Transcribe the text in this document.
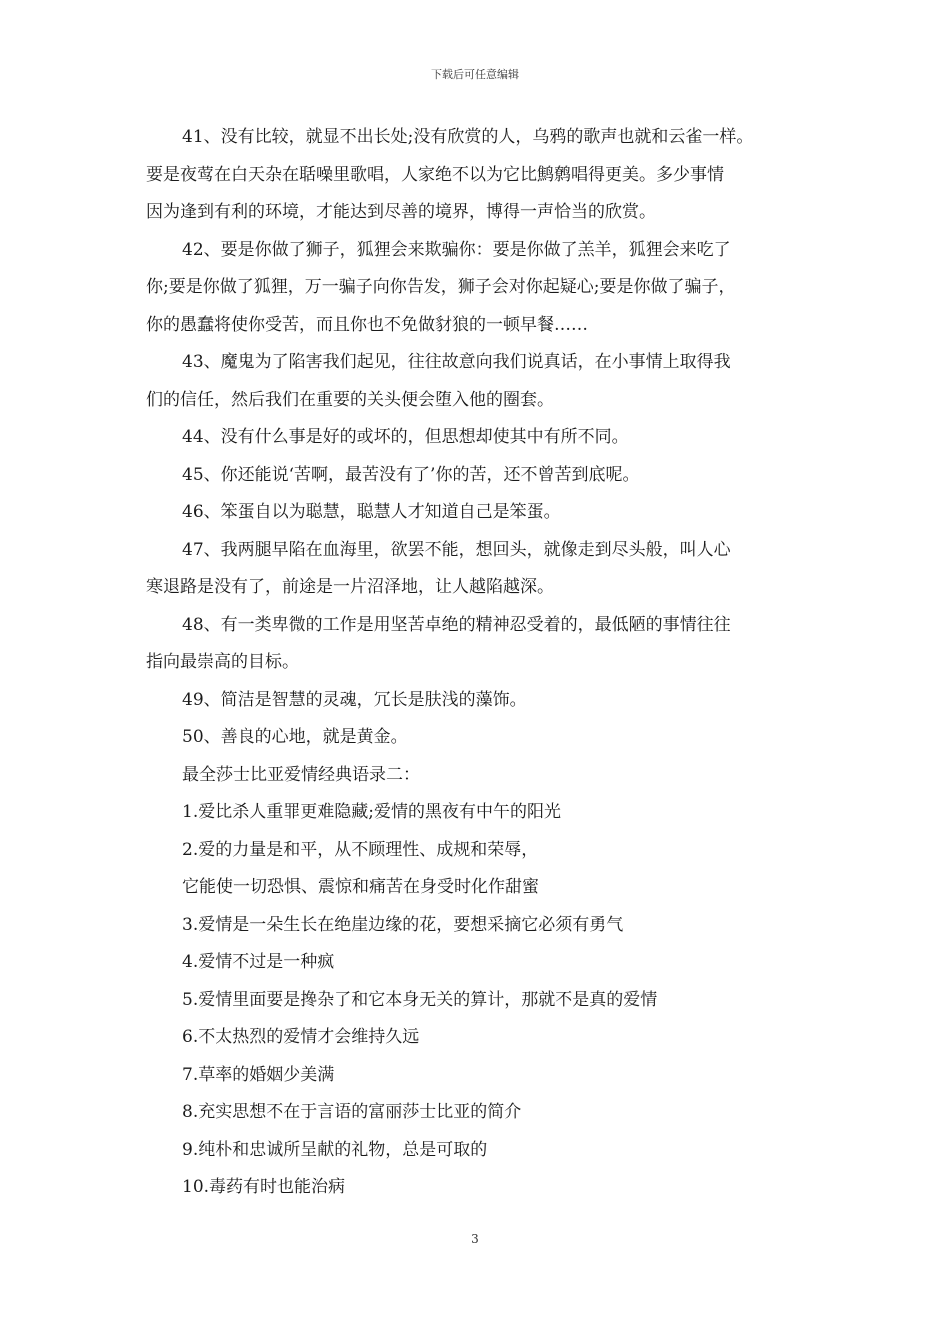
下载后可任意编辑
41、没有比较，就显不出长处;没有欣赏的人，乌鸦的歌声也就和云雀一样。
要是夜莺在白天杂在聒噪里歌唱，人家绝不以为它比鹪鹩唱得更美。多少事情
因为逢到有利的环境，才能达到尽善的境界，博得一声恰当的欣赏。
42、要是你做了狮子，狐狸会来欺骗你：要是你做了羔羊，狐狸会来吃了
你;要是你做了狐狸，万一骗子向你告发，狮子会对你起疑心;要是你做了骗子，
你的愚蠢将使你受苦，而且你也不免做豺狼的一顿早餐……
43、魔鬼为了陷害我们起见，往往故意向我们说真话，在小事情上取得我
们的信任，然后我们在重要的关头便会堕入他的圈套。
44、没有什么事是好的或坏的，但思想却使其中有所不同。
45、你还能说‘苦啊，最苦没有了’你的苦，还不曾苦到底呢。
46、笨蛋自以为聪慧，聪慧人才知道自己是笨蛋。
47、我两腿早陷在血海里，欲罢不能，想回头，就像走到尽头般，叫人心
寒退路是没有了，前途是一片沼泽地，让人越陷越深。
48、有一类卑微的工作是用坚苦卓绝的精神忍受着的，最低陋的事情往往
指向最崇高的目标。
49、简洁是智慧的灵魂，冗长是肤浅的藻饰。
50、善良的心地，就是黄金。
最全莎士比亚爱情经典语录二：
1.爱比杀人重罪更难隐藏;爱情的黑夜有中午的阳光
2.爱的力量是和平，从不顾理性、成规和荣辱，
它能使一切恐惧、震惊和痛苦在身受时化作甜蜜
3.爱情是一朵生长在绝崖边缘的花，要想采摘它必须有勇气
4.爱情不过是一种疯
5.爱情里面要是搀杂了和它本身无关的算计，那就不是真的爱情
6.不太热烈的爱情才会维持久远
7.草率的婚姻少美满
8.充实思想不在于言语的富丽莎士比亚的简介
9.纯朴和忠诚所呈献的礼物，总是可取的
10.毒药有时也能治病
3
